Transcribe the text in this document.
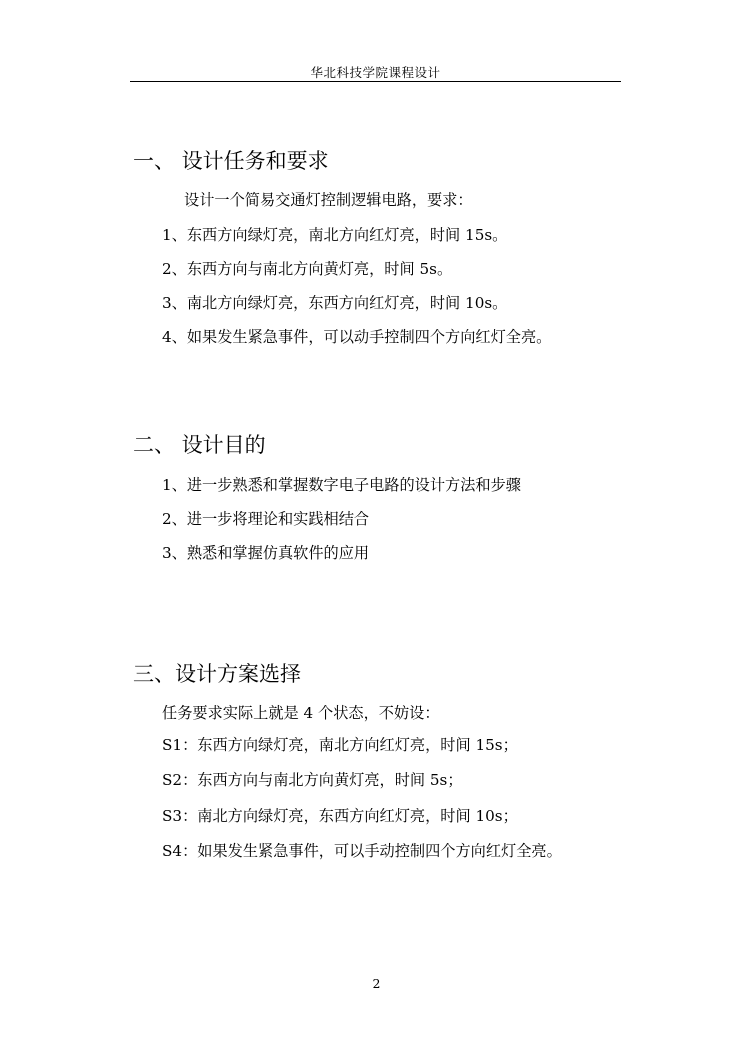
华北科技学院课程设计
一、 设计任务和要求
设计一个简易交通灯控制逻辑电路，要求：
1、东西方向绿灯亮，南北方向红灯亮，时间 15s。
2、东西方向与南北方向黄灯亮，时间 5s。
3、南北方向绿灯亮，东西方向红灯亮，时间 10s。
4、如果发生紧急事件，可以动手控制四个方向红灯全亮。
二、 设计目的
1、进一步熟悉和掌握数字电子电路的设计方法和步骤
2、进一步将理论和实践相结合
3、熟悉和掌握仿真软件的应用
三、设计方案选择
任务要求实际上就是 4 个状态，不妨设：
S1：东西方向绿灯亮，南北方向红灯亮，时间 15s；
S2：东西方向与南北方向黄灯亮，时间 5s；
S3：南北方向绿灯亮，东西方向红灯亮，时间 10s；
S4：如果发生紧急事件，可以手动控制四个方向红灯全亮。
2
